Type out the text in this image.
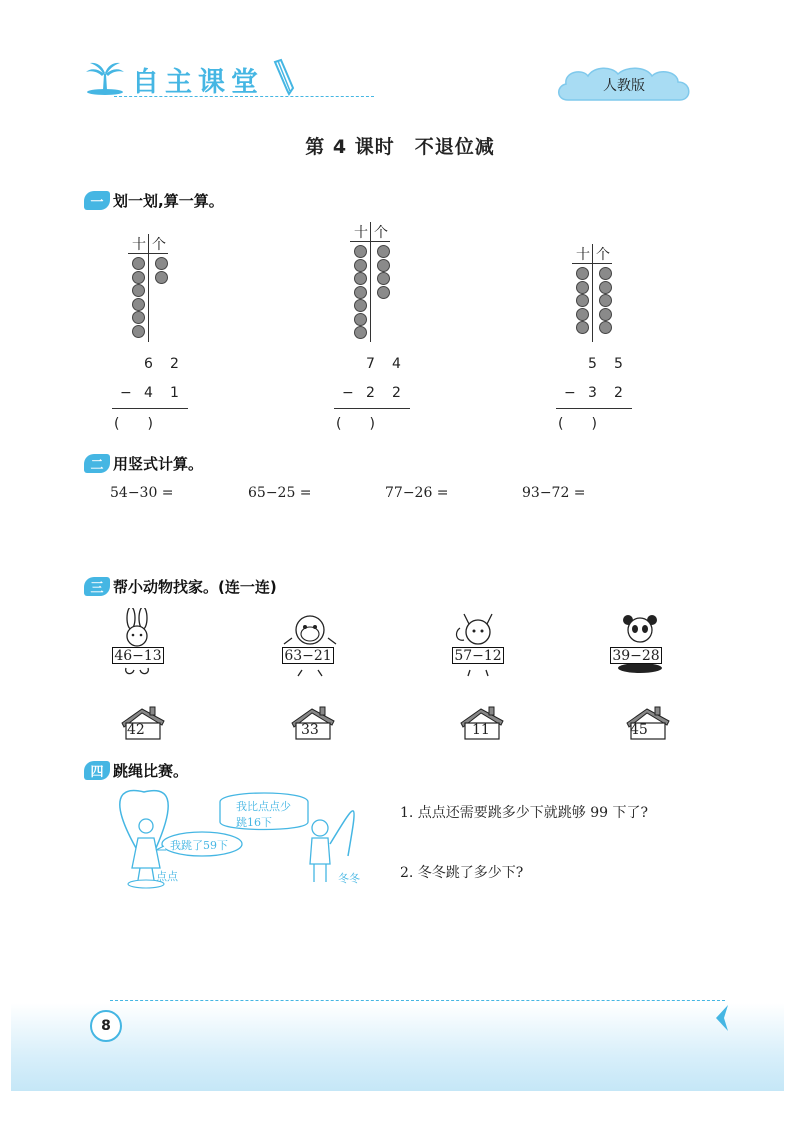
自主课堂	人教版
第 4 课时　不退位减
一 划一划,算一算。
十 个
十 个
十 个
6 2
− 4 1
(　　)
7 4
− 2 2
(　　)
5 5
− 3 2
(　　)
二 用竖式计算。
54−30 =	65−25 =	77−26 =	93−72 =
三 帮小动物找家。(连一连)
46−13	63−21	57−12	39−28
42	33	11	45
四 跳绳比赛。
我跳了59下
我比点点少
跳16下
点点	冬冬
1. 点点还需要跳多少下就跳够 99 下了?
2. 冬冬跳了多少下?
8
